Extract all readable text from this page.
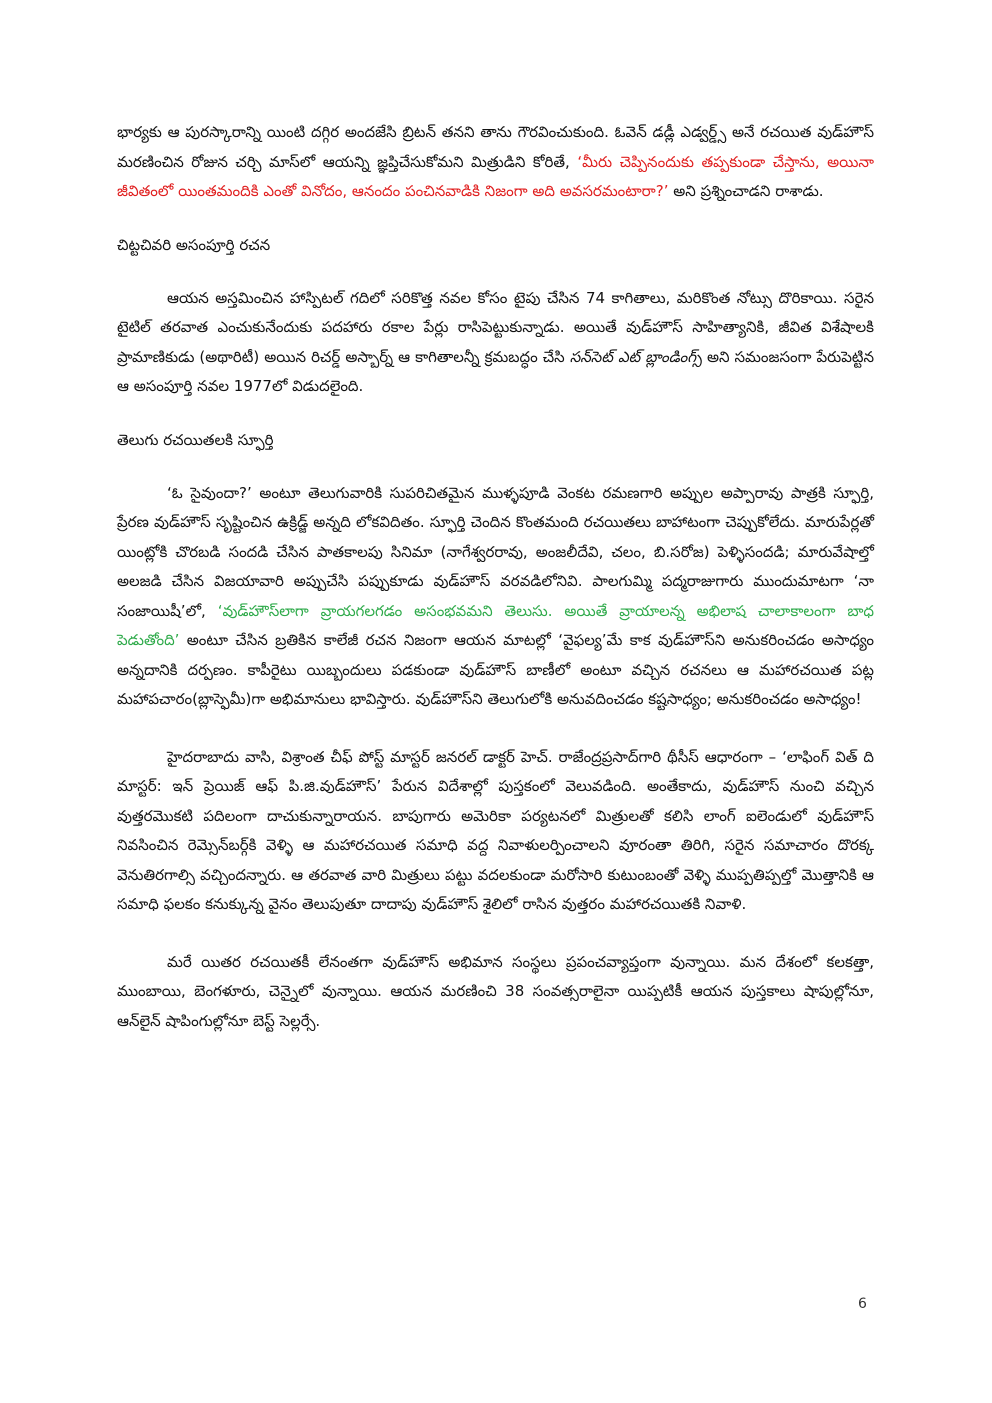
భార్యకు ఆ పురస్కారాన్ని యింటి దగ్గిర అందజేసి బ్రిటన్ తనని తాను గౌరవించుకుంది. ఓవెన్ డడ్లీ ఎడ్వర్డ్స్ అనే రచయిత వుడ్‌హౌస్ మరణించిన రోజున చర్చి మాస్‌లో ఆయన్ని జ్ఞప్తిచేసుకోమని మిత్రుడిని కోరితే, ‘మీరు చెప్పినందుకు తప్పకుండా చేస్తాను, అయినా జీవితంలో యింతమందికి ఎంతో వినోదం, ఆనందం పంచినవాడికి నిజంగా అది అవసరమంటారా?’ అని ప్రశ్నించాడని రాశాడు.

చిట్టచివరి అసంపూర్తి రచన

ఆయన అస్తమించిన హాస్పిటల్ గదిలో సరికొత్త నవల కోసం టైపు చేసిన 74 కాగితాలు, మరికొంత నోట్సు దొరికాయి. సరైన టైటిల్ తరవాత ఎంచుకునేందుకు పదహారు రకాల పేర్లు రాసిపెట్టుకున్నాడు. అయితే వుడ్‌హౌస్ సాహిత్యానికి, జీవిత విశేషాలకి ప్రామాణికుడు (అథారిటీ) అయిన రిచర్డ్ అస్బార్న్ ఆ కాగితాలన్నీ క్రమబద్ధం చేసి సన్‌సెట్ ఎట్ బ్లాండింగ్స్ అని సమంజసంగా పేరుపెట్టిన ఆ అసంపూర్తి నవల 1977లో విడుదలైంది.

తెలుగు రచయితలకి స్ఫూర్తి

‘ఓ సైవుందా?’ అంటూ తెలుగువారికి సుపరిచితమైన ముళ్ళపూడి వెంకట రమణగారి అప్పుల అప్పారావు పాత్రకి స్ఫూర్తి, ప్రేరణ వుడ్‌హౌస్ సృష్టించిన ఉక్రిడ్జ్ అన్నది లోకవిదితం. స్ఫూర్తి చెందిన కొంతమంది రచయితలు బాహాటంగా చెప్పుకోలేదు. మారుపేర్లతో యింట్లోకి చొరబడి సందడి చేసిన పాతకాలపు సినిమా (నాగేశ్వరరావు, అంజలీదేవి, చలం, బి.సరోజ) పెళ్ళిసందడి; మారువేషాల్తో అలజడి చేసిన విజయావారి అప్పుచేసి పప్పుకూడు వుడ్‌హౌస్ వరవడిలోనివి. పాలగుమ్మి పద్మరాజుగారు ముందుమాటగా ‘నా సంజాయిషీ’లో, ‘వుడ్‌హౌస్‌లాగా వ్రాయగలగడం అసంభవమని తెలుసు. అయితే వ్రాయాలన్న అభిలాష చాలాకాలంగా బాధ పెడుతోంది’ అంటూ చేసిన బ్రతికిన కాలేజీ రచన నిజంగా ఆయన మాటల్లో ‘వైఫల్య’మే కాక వుడ్‌హౌస్‌ని అనుకరించడం అసాధ్యం అన్నదానికి దర్పణం. కాపీరైటు యిబ్బందులు పడకుండా వుడ్‌హౌస్ బాణీలో అంటూ వచ్చిన రచనలు ఆ మహారచయిత పట్ల మహాపచారం(బ్లాస్ఫెమీ)గా అభిమానులు భావిస్తారు. వుడ్‌హౌస్‌ని తెలుగులోకి అనువదించడం కష్టసాధ్యం; అనుకరించడం అసాధ్యం!

హైదరాబాదు వాసి, విశ్రాంత చీఫ్ పోస్ట్ మాస్టర్ జనరల్ డాక్టర్ హెచ్. రాజేంద్రప్రసాద్‌గారి థీసీస్ ఆధారంగా – ‘లాఫింగ్ విత్ ది మాస్టర్: ఇన్ ప్రెయిజ్ ఆఫ్ పి.జి.వుడ్‌హౌస్’ పేరున విదేశాల్లో పుస్తకంలో వెలువడింది. అంతేకాదు, వుడ్‌హౌస్ నుంచి వచ్చిన వుత్తరమొకటి పదిలంగా దాచుకున్నారాయన. బాపుగారు అమెరికా పర్యటనలో మిత్రులతో కలిసి లాంగ్ ఐలెండులో వుడ్‌హౌస్ నివసించిన రెమ్సెన్‌బర్గ్‌కి వెళ్ళి ఆ మహారచయిత సమాధి వద్ద నివాళులర్పించాలని వూరంతా తిరిగి, సరైన సమాచారం దొరక్క వెనుతిరగాల్సి వచ్చిందన్నారు. ఆ తరవాత వారి మిత్రులు పట్టు వదలకుండా మరోసారి కుటుంబంతో వెళ్ళి ముప్పతిప్పల్తో మొత్తానికి ఆ సమాధి ఫలకం కనుక్కున్న వైనం తెలుపుతూ దాదాపు వుడ్‌హౌస్ శైలిలో రాసిన వుత్తరం మహారచయితకి నివాళి.

మరే యితర రచయితకీ లేనంతగా వుడ్‌హౌస్ అభిమాన సంస్థలు ప్రపంచవ్యాప్తంగా వున్నాయి. మన దేశంలో కలకత్తా, ముంబాయి, బెంగళూరు, చెన్నైలో వున్నాయి. ఆయన మరణించి 38 సంవత్సరాలైనా యిప్పటికీ ఆయన పుస్తకాలు షాపుల్లోనూ, ఆన్‌లైన్ షాపింగుల్లోనూ బెస్ట్ సెల్లర్సే.

6
